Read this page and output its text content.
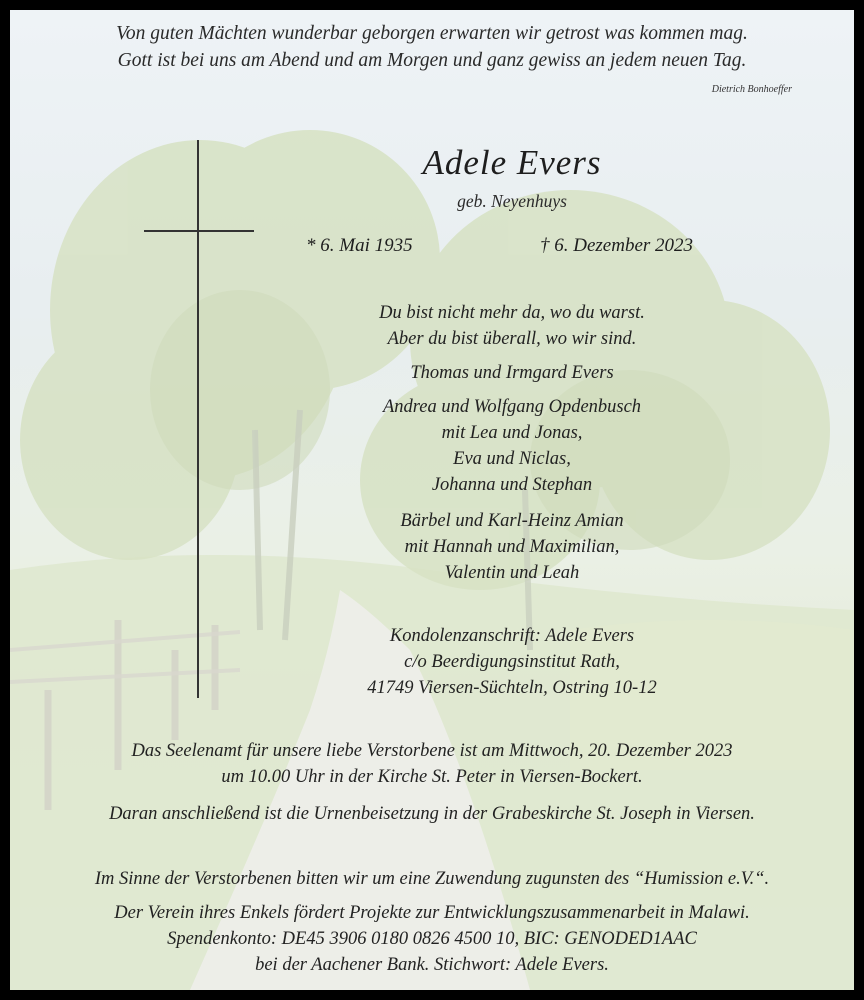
Von guten Mächten wunderbar geborgen erwarten wir getrost was kommen mag.
Gott ist bei uns am Abend und am Morgen und ganz gewiss an jedem neuen Tag.
Dietrich Bonhoeffer
Adele Evers
geb. Neyenhuys
* 6. Mai 1935	† 6. Dezember 2023
Du bist nicht mehr da, wo du warst.
Aber du bist überall, wo wir sind.
Thomas und Irmgard Evers
Andrea und Wolfgang Opdenbusch
mit Lea und Jonas,
Eva und Niclas,
Johanna und Stephan
Bärbel und Karl-Heinz Amian
mit Hannah und Maximilian,
Valentin und Leah
Kondolenzanschrift: Adele Evers
c/o Beerdigungsinstitut Rath,
41749 Viersen-Süchteln, Ostring 10-12
Das Seelenamt für unsere liebe Verstorbene ist am Mittwoch, 20. Dezember 2023
um 10.00 Uhr in der Kirche St. Peter in Viersen-Bockert.
Daran anschließend ist die Urnenbeisetzung in der Grabeskirche St. Joseph in Viersen.
Im Sinne der Verstorbenen bitten wir um eine Zuwendung zugunsten des “Humission e.V.“.
Der Verein ihres Enkels fördert Projekte zur Entwicklungszusammenarbeit in Malawi.
Spendenkonto: DE45 3906 0180 0826 4500 10, BIC: GENODED1AAC
bei der Aachener Bank. Stichwort: Adele Evers.
